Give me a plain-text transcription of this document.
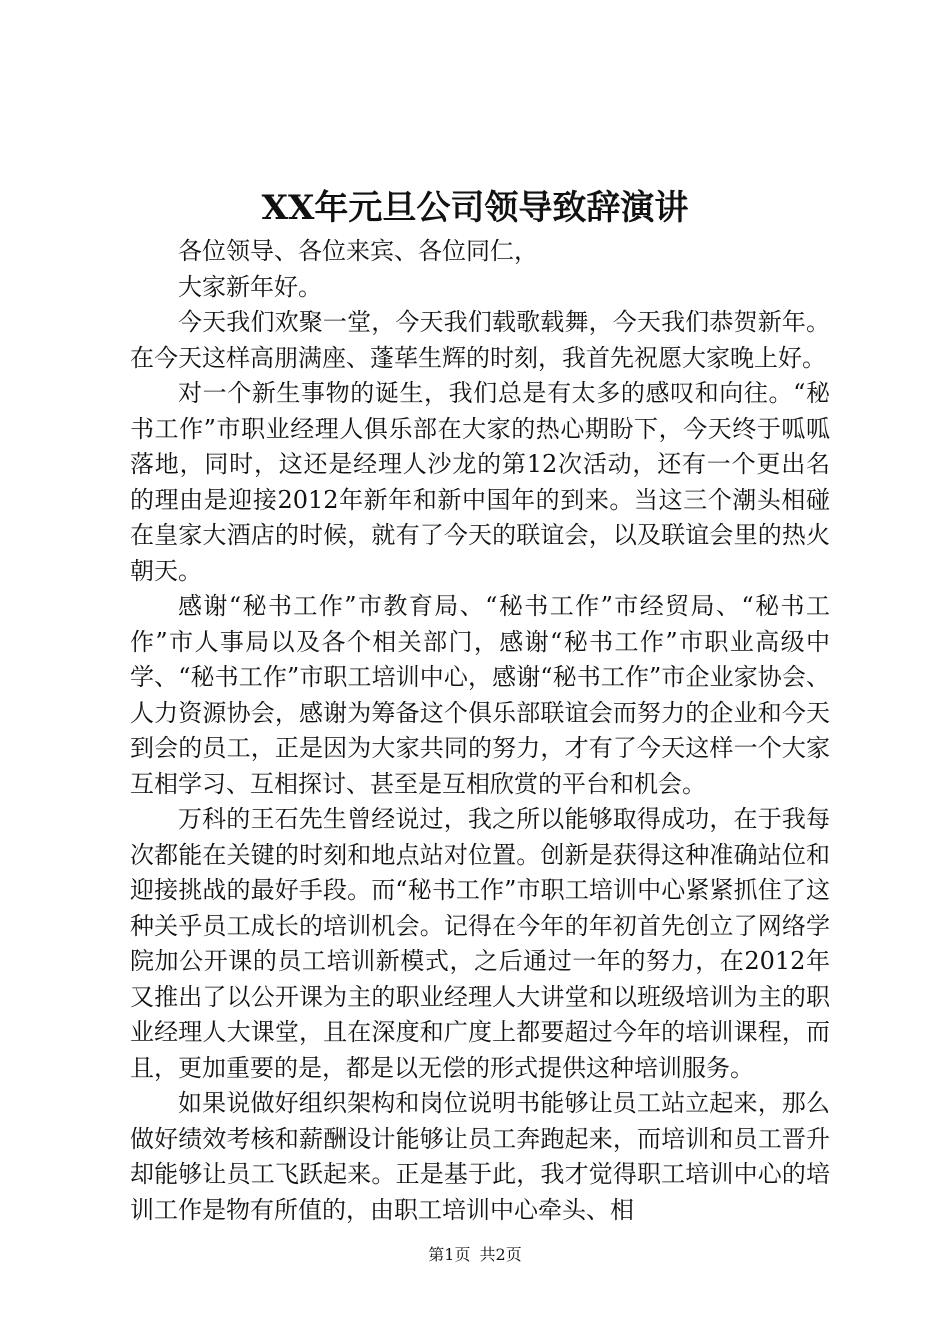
XX年元旦公司领导致辞演讲

各位领导、各位来宾、各位同仁，

大家新年好。

今天我们欢聚一堂，今天我们载歌载舞，今天我们恭贺新年。在今天这样高朋满座、蓬荜生辉的时刻，我首先祝愿大家晚上好。

对一个新生事物的诞生，我们总是有太多的感叹和向往。“秘书工作”市职业经理人俱乐部在大家的热心期盼下，今天终于呱呱落地，同时，这还是经理人沙龙的第12次活动，还有一个更出名的理由是迎接2012年新年和新中国年的到来。当这三个潮头相碰在皇家大酒店的时候，就有了今天的联谊会，以及联谊会里的热火朝天。

感谢“秘书工作”市教育局、“秘书工作”市经贸局、“秘书工作”市人事局以及各个相关部门，感谢“秘书工作”市职业高级中学、“秘书工作”市职工培训中心，感谢“秘书工作”市企业家协会、人力资源协会，感谢为筹备这个俱乐部联谊会而努力的企业和今天到会的员工，正是因为大家共同的努力，才有了今天这样一个大家互相学习、互相探讨、甚至是互相欣赏的平台和机会。

万科的王石先生曾经说过，我之所以能够取得成功，在于我每次都能在关键的时刻和地点站对位置。创新是获得这种准确站位和迎接挑战的最好手段。而“秘书工作”市职工培训中心紧紧抓住了这种关乎员工成长的培训机会。记得在今年的年初首先创立了网络学院加公开课的员工培训新模式，之后通过一年的努力，在2012年又推出了以公开课为主的职业经理人大讲堂和以班级培训为主的职业经理人大课堂，且在深度和广度上都要超过今年的培训课程，而且，更加重要的是，都是以无偿的形式提供这种培训服务。

如果说做好组织架构和岗位说明书能够让员工站立起来，那么做好绩效考核和薪酬设计能够让员工奔跑起来，而培训和员工晋升却能够让员工飞跃起来。正是基于此，我才觉得职工培训中心的培训工作是物有所值的，由职工培训中心牵头、相

第1页 共2页
